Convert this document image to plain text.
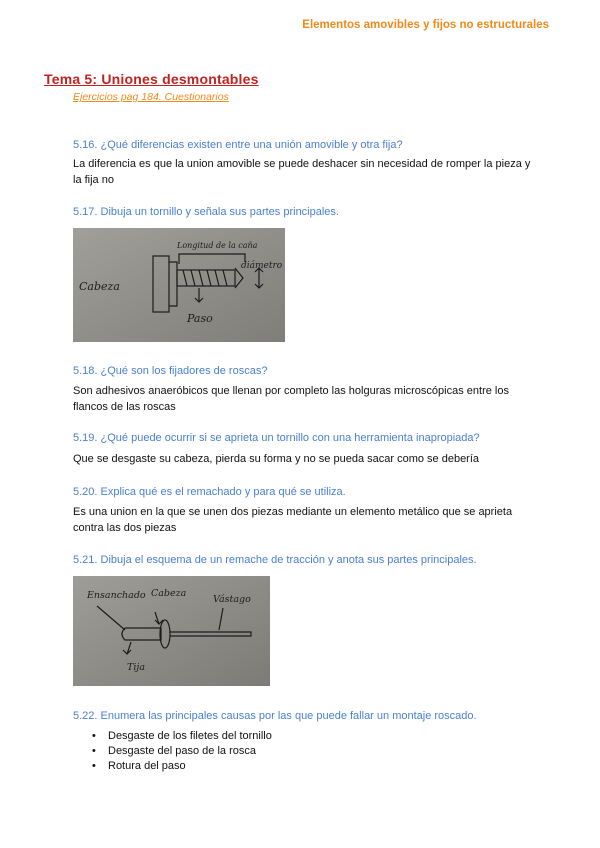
Elementos amovibles y fijos no estructurales
Tema 5: Uniones desmontables
Ejercicios pag 184. Cuestionarios
5.16. ¿Qué diferencias existen entre una unión amovible y otra fija?
La diferencia es que la union amovible se puede deshacer sin necesidad de romper la pieza y la fija no
5.17. Dibuja un tornillo y señala sus partes principales.
Cabeza
Longitud de la caña
diámetro
Paso
5.18. ¿Qué son los fijadores de roscas?
Son adhesivos anaeróbicos que llenan por completo las holguras microscópicas entre los flancos de las roscas
5.19. ¿Qué puede ocurrir si se aprieta un tornillo con una herramienta inapropiada?
Que se desgaste su cabeza, pierda su forma y no se pueda sacar como se debería
5.20. Explica qué es el remachado y para qué se utiliza.
Es una union en la que se unen dos piezas mediante un elemento metálico que se aprieta contra las dos piezas
5.21. Dibuja el esquema de un remache de tracción y anota sus partes principales.
Ensanchado Cabeza
Vástago
Tija
5.22. Enumera las principales causas por las que puede fallar un montaje roscado.
• Desgaste de los filetes del tornillo
• Desgaste del paso de la rosca
• Rotura del paso
